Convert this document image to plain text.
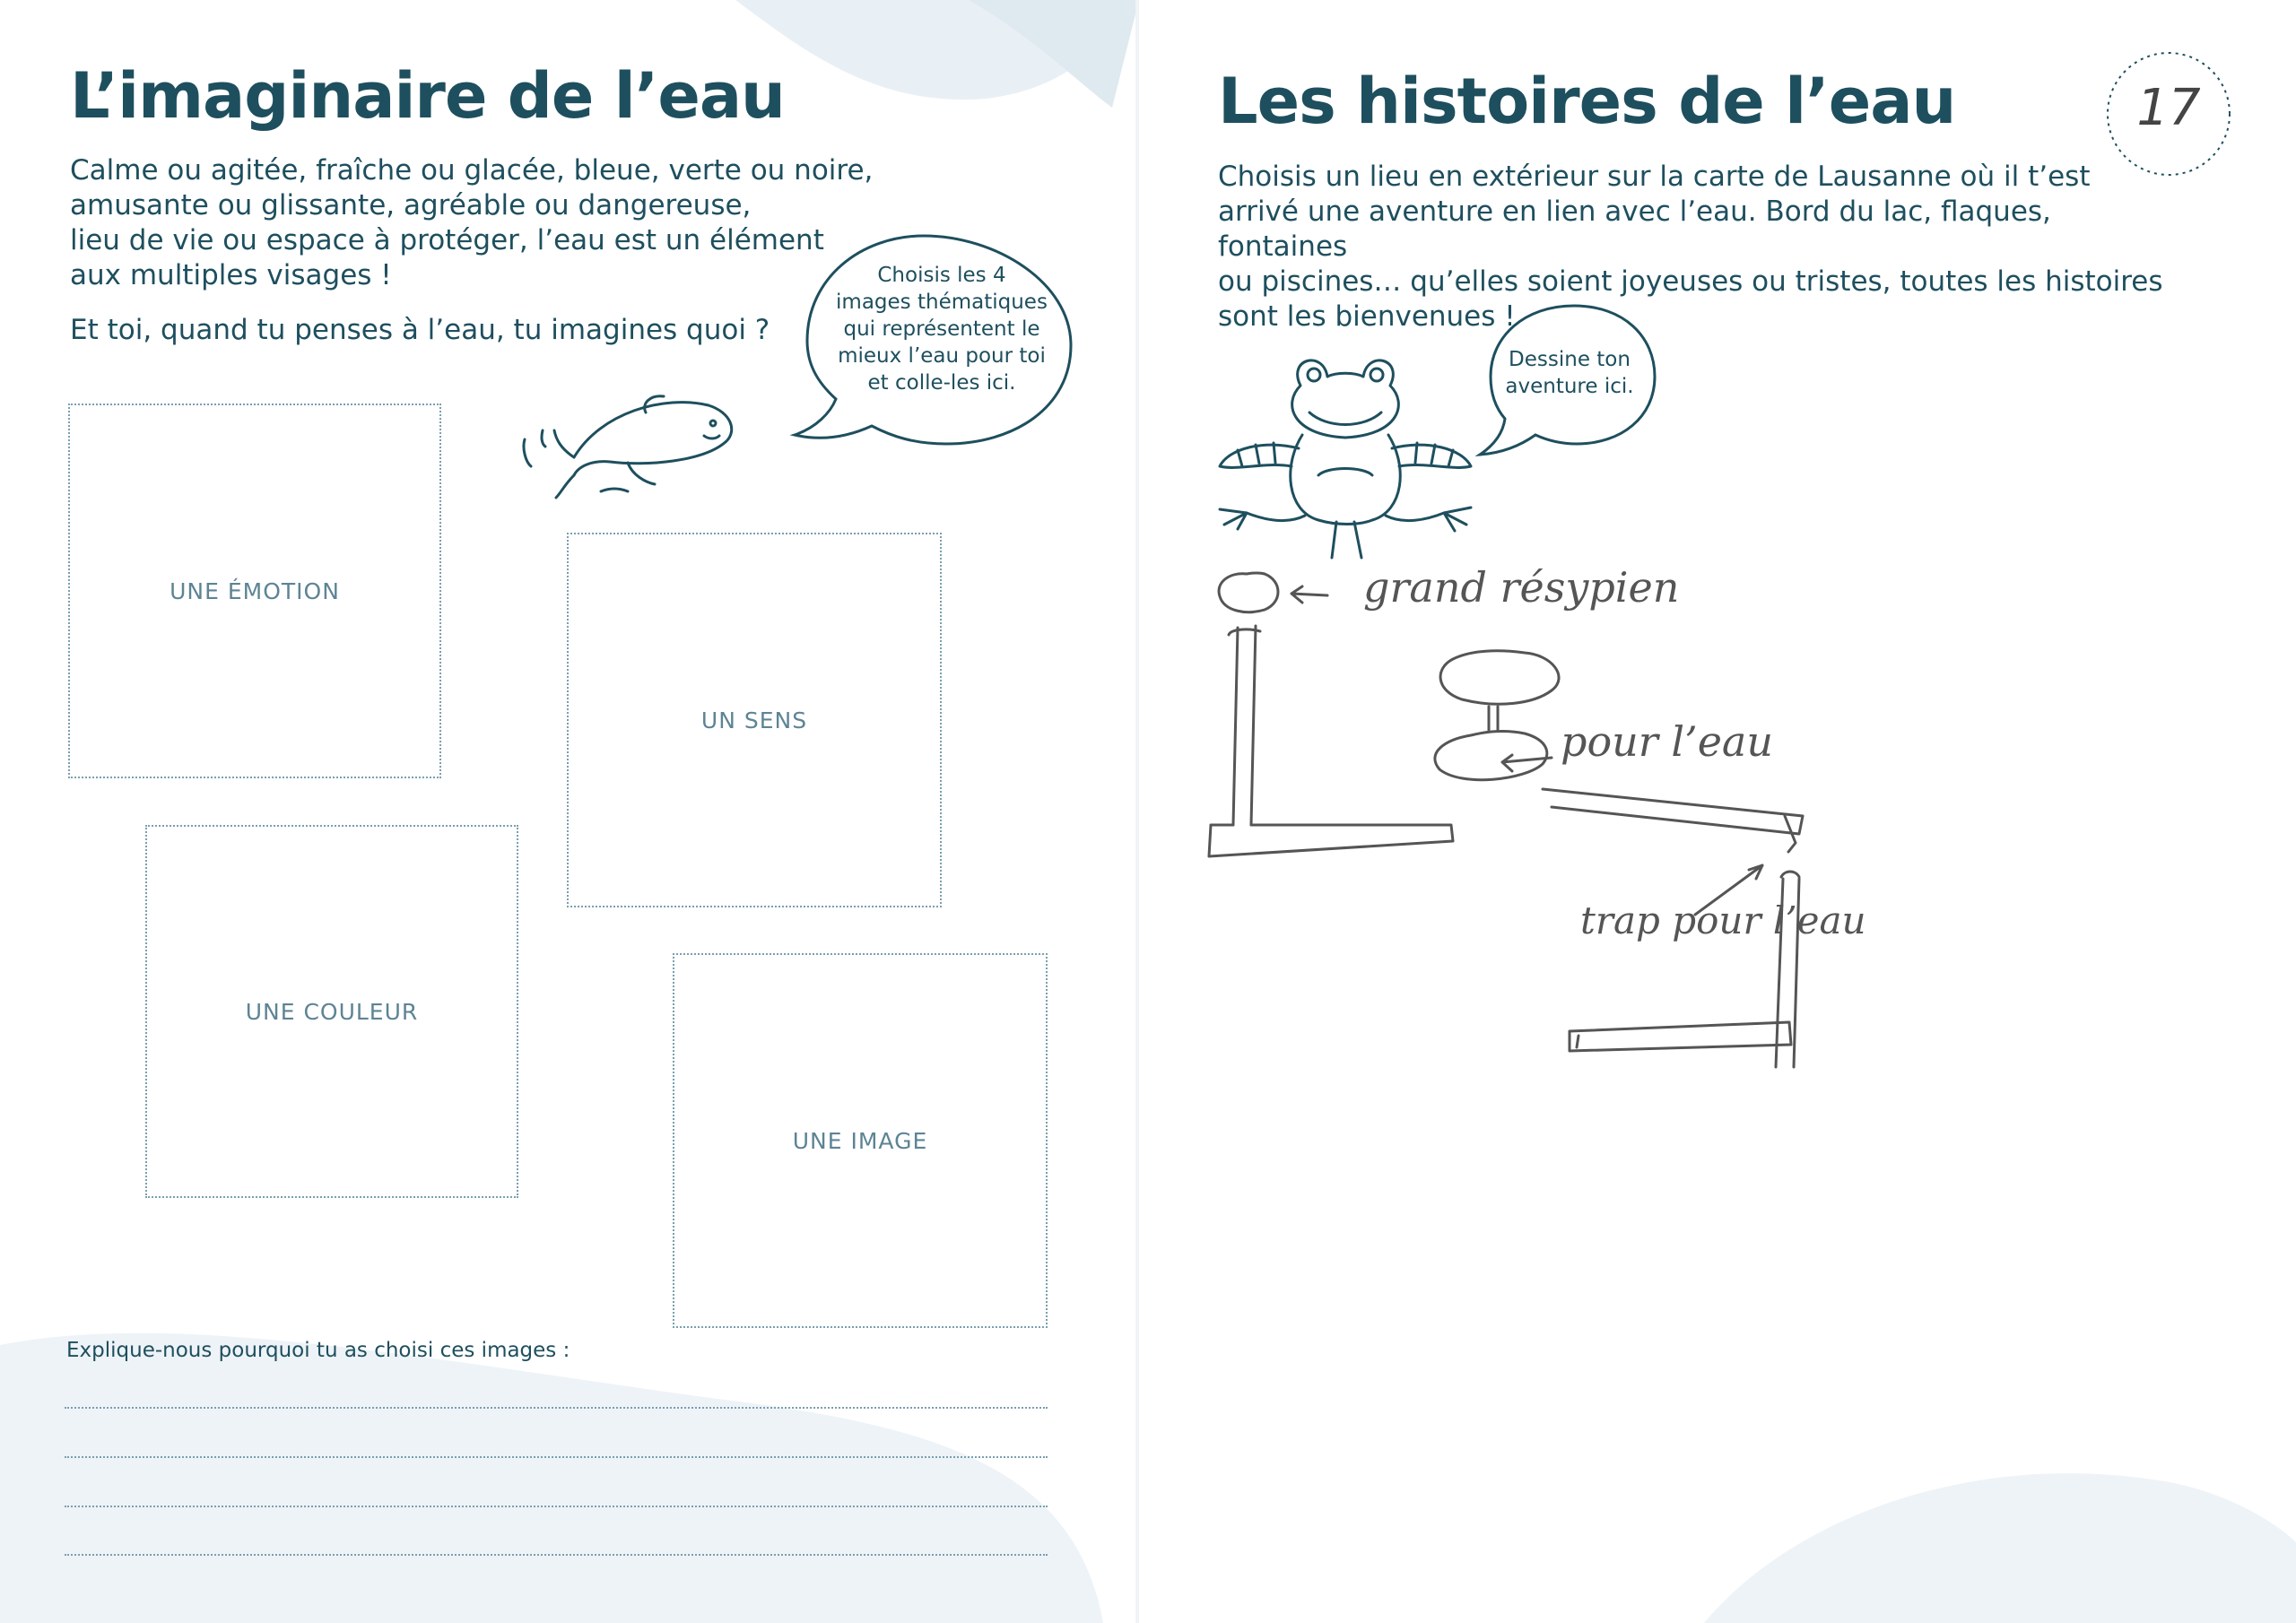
L’imaginaire de l’eau

Calme ou agitée, fraîche ou glacée, bleue, verte ou noire,

amusante ou glissante, agréable ou dangereuse,

lieu de vie ou espace à protéger, l’eau est un élément

aux multiples visages !

Et toi, quand tu penses à l’eau, tu imagines quoi ?

Choisis les 4
images thématiques
qui représentent le
mieux l’eau pour toi
et colle-les ici.
UNE ÉMOTION
UN SENS
UNE COULEUR
UNE IMAGE
Explique-nous pourquoi tu as choisi ces images :
Les histoires de l’eau	17

Choisis un lieu en extérieur sur la carte de Lausanne où il t’est

arrivé une aventure en lien avec l’eau. Bord du lac, flaques, fontaines

ou piscines… qu’elles soient joyeuses ou tristes, toutes les histoires

sont les bienvenues !

Dessine ton
aventure ici.
grand résypien
pour l’eau
trap pour l’eau
